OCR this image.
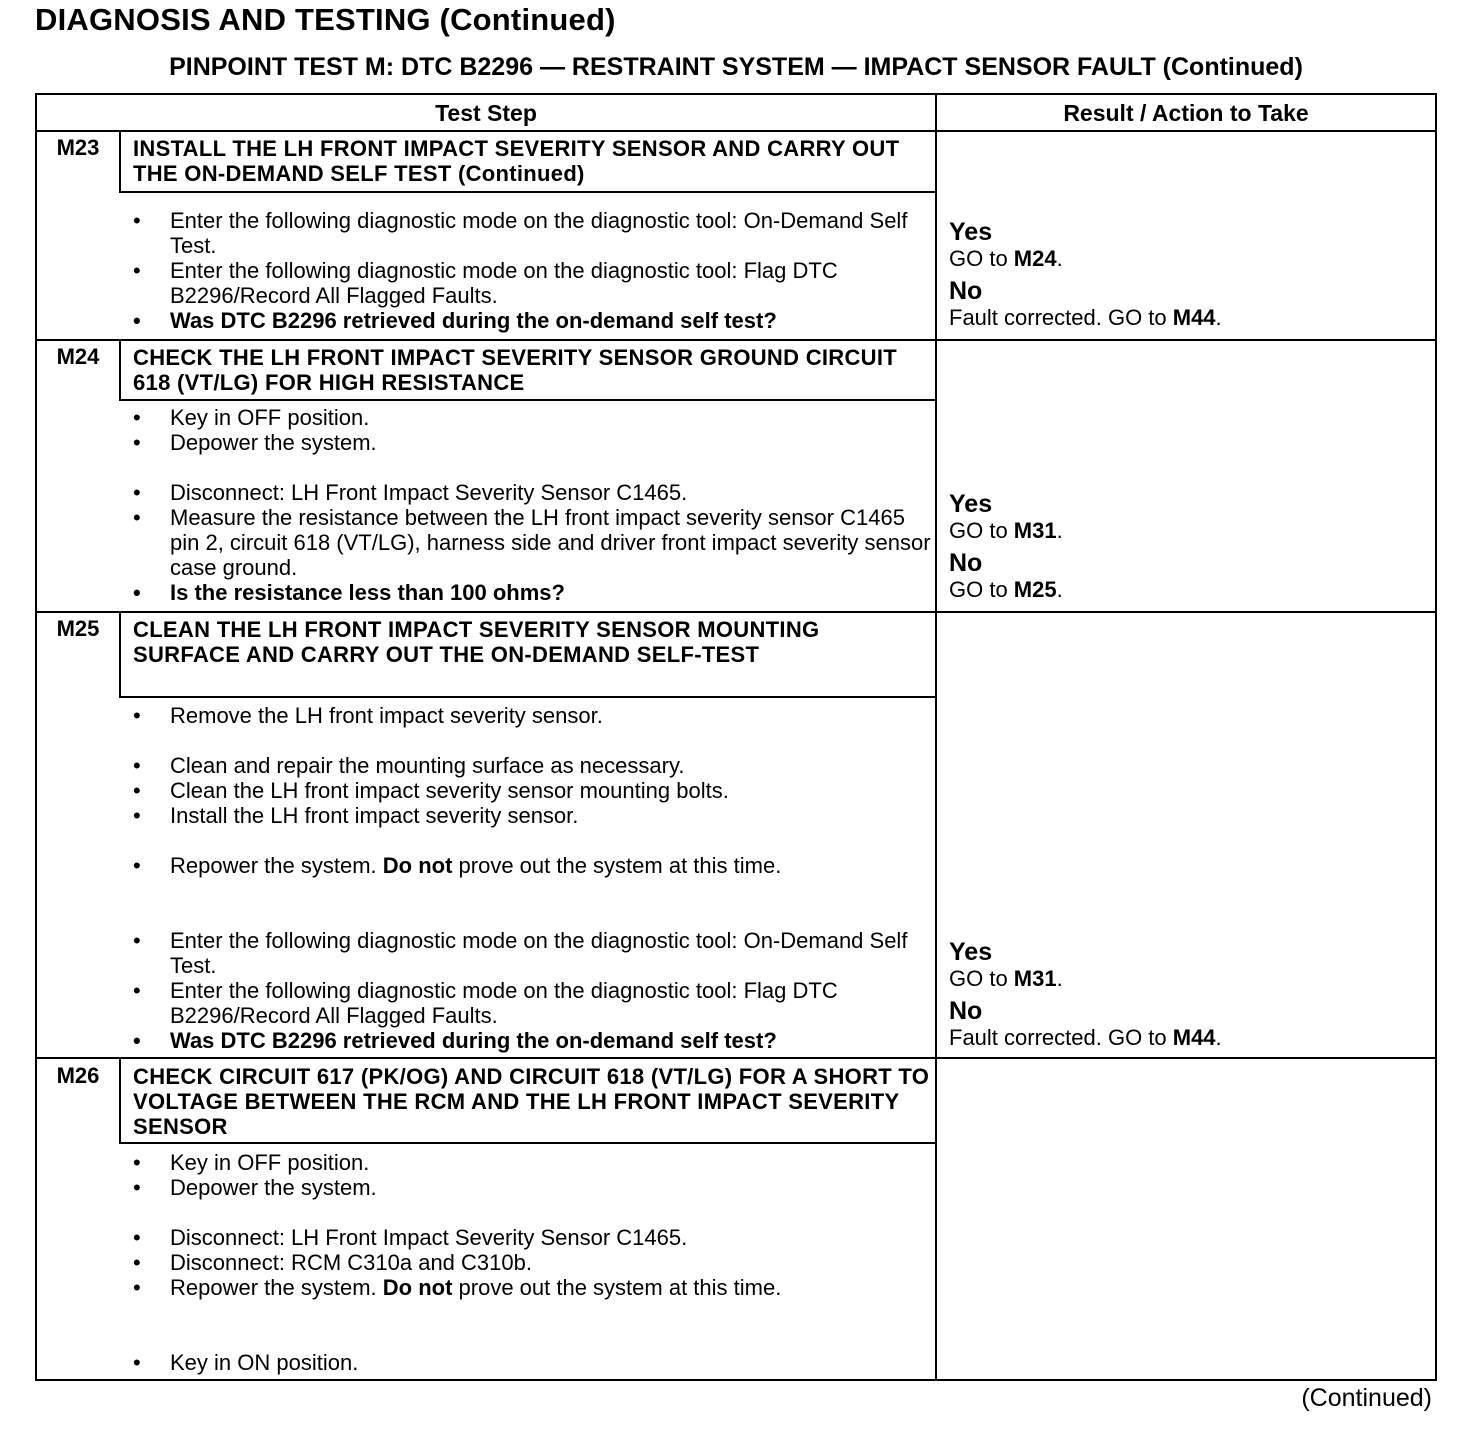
DIAGNOSIS AND TESTING (Continued)
PINPOINT TEST M: DTC B2296 — RESTRAINT SYSTEM — IMPACT SENSOR FAULT (Continued)
Test Step	Result / Action to Take
M23	INSTALL THE LH FRONT IMPACT SEVERITY SENSOR AND CARRY OUT THE ON-DEMAND SELF TEST (Continued)
• Enter the following diagnostic mode on the diagnostic tool: On-Demand Self Test.
• Enter the following diagnostic mode on the diagnostic tool: Flag DTC B2296/Record All Flagged Faults.
• Was DTC B2296 retrieved during the on-demand self test?
Yes
GO to M24.
No
Fault corrected. GO to M44.
M24	CHECK THE LH FRONT IMPACT SEVERITY SENSOR GROUND CIRCUIT 618 (VT/LG) FOR HIGH RESISTANCE
• Key in OFF position.
• Depower the system.
• Disconnect: LH Front Impact Severity Sensor C1465.
• Measure the resistance between the LH front impact severity sensor C1465 pin 2, circuit 618 (VT/LG), harness side and driver front impact severity sensor case ground.
• Is the resistance less than 100 ohms?
Yes
GO to M31.
No
GO to M25.
M25	CLEAN THE LH FRONT IMPACT SEVERITY SENSOR MOUNTING SURFACE AND CARRY OUT THE ON-DEMAND SELF-TEST
• Remove the LH front impact severity sensor.
• Clean and repair the mounting surface as necessary.
• Clean the LH front impact severity sensor mounting bolts.
• Install the LH front impact severity sensor.
• Repower the system. Do not prove out the system at this time.
• Enter the following diagnostic mode on the diagnostic tool: On-Demand Self Test.
• Enter the following diagnostic mode on the diagnostic tool: Flag DTC B2296/Record All Flagged Faults.
• Was DTC B2296 retrieved during the on-demand self test?
Yes
GO to M31.
No
Fault corrected. GO to M44.
M26	CHECK CIRCUIT 617 (PK/OG) AND CIRCUIT 618 (VT/LG) FOR A SHORT TO VOLTAGE BETWEEN THE RCM AND THE LH FRONT IMPACT SEVERITY SENSOR
• Key in OFF position.
• Depower the system.
• Disconnect: LH Front Impact Severity Sensor C1465.
• Disconnect: RCM C310a and C310b.
• Repower the system. Do not prove out the system at this time.
• Key in ON position.
(Continued)
